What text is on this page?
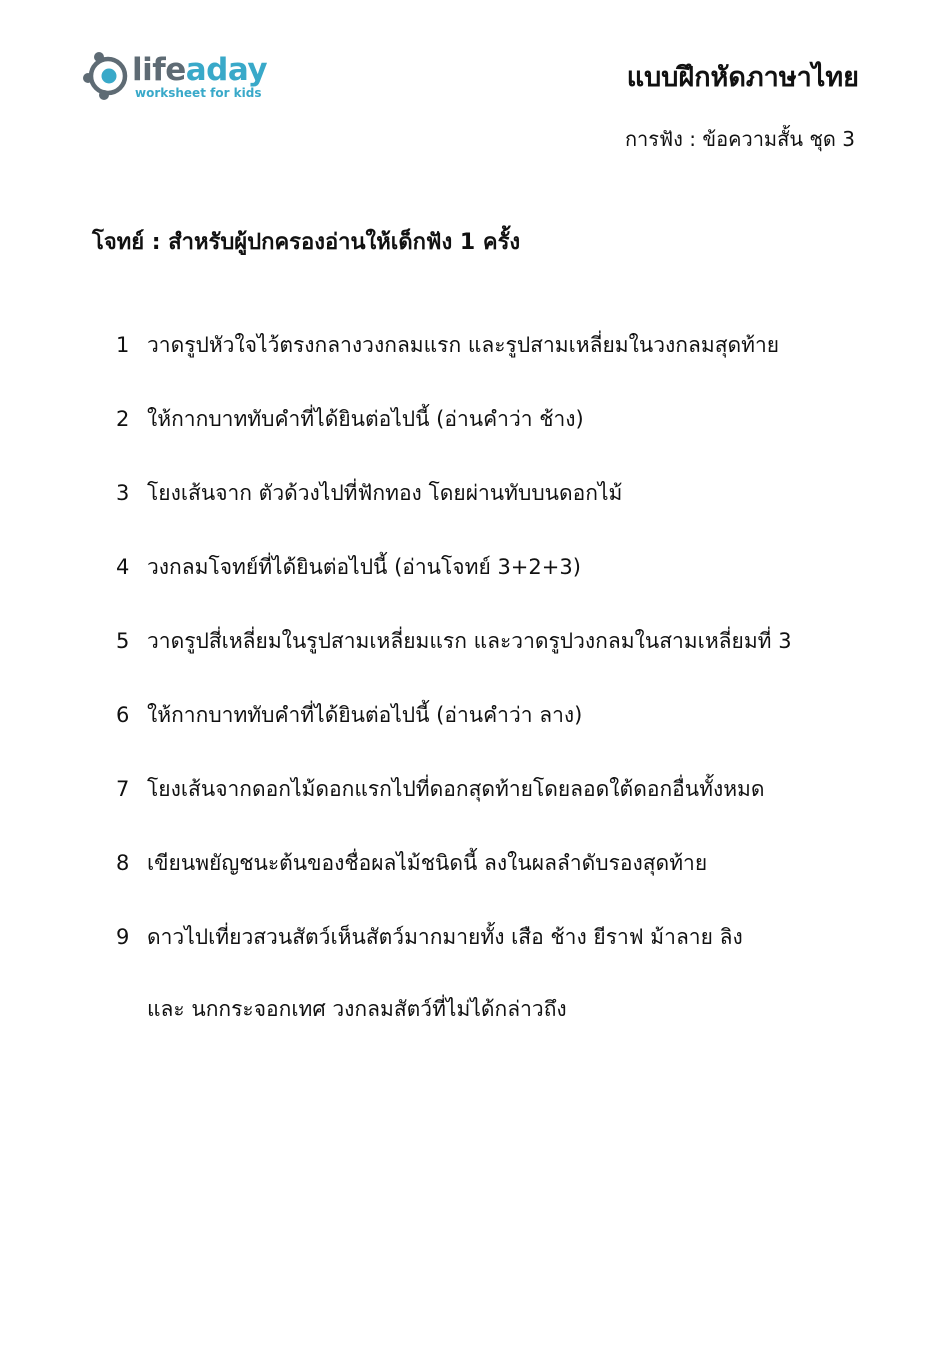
lifeaday
worksheet for kids	แบบฝึกหัดภาษาไทย
การฟัง : ข้อความสั้น ชุด 3
โจทย์ : สำหรับผู้ปกครองอ่านให้เด็กฟัง 1 ครั้ง
1 วาดรูปหัวใจไว้ตรงกลางวงกลมแรก และรูปสามเหลี่ยมในวงกลมสุดท้าย
2 ให้กากบาททับคำที่ได้ยินต่อไปนี้ (อ่านคำว่า ช้าง)
3 โยงเส้นจาก ตัวด้วงไปที่ฟักทอง โดยผ่านทับบนดอกไม้
4 วงกลมโจทย์ที่ได้ยินต่อไปนี้ (อ่านโจทย์ 3+2+3)
5 วาดรูปสี่เหลี่ยมในรูปสามเหลี่ยมแรก และวาดรูปวงกลมในสามเหลี่ยมที่ 3
6 ให้กากบาททับคำที่ได้ยินต่อไปนี้ (อ่านคำว่า ลาง)
7 โยงเส้นจากดอกไม้ดอกแรกไปที่ดอกสุดท้ายโดยลอดใต้ดอกอื่นทั้งหมด
8 เขียนพยัญชนะต้นของชื่อผลไม้ชนิดนี้ ลงในผลลำดับรองสุดท้าย
9 ดาวไปเที่ยวสวนสัตว์เห็นสัตว์มากมายทั้ง เสือ ช้าง ยีราฟ ม้าลาย ลิง
และ นกกระจอกเทศ วงกลมสัตว์ที่ไม่ได้กล่าวถึง
